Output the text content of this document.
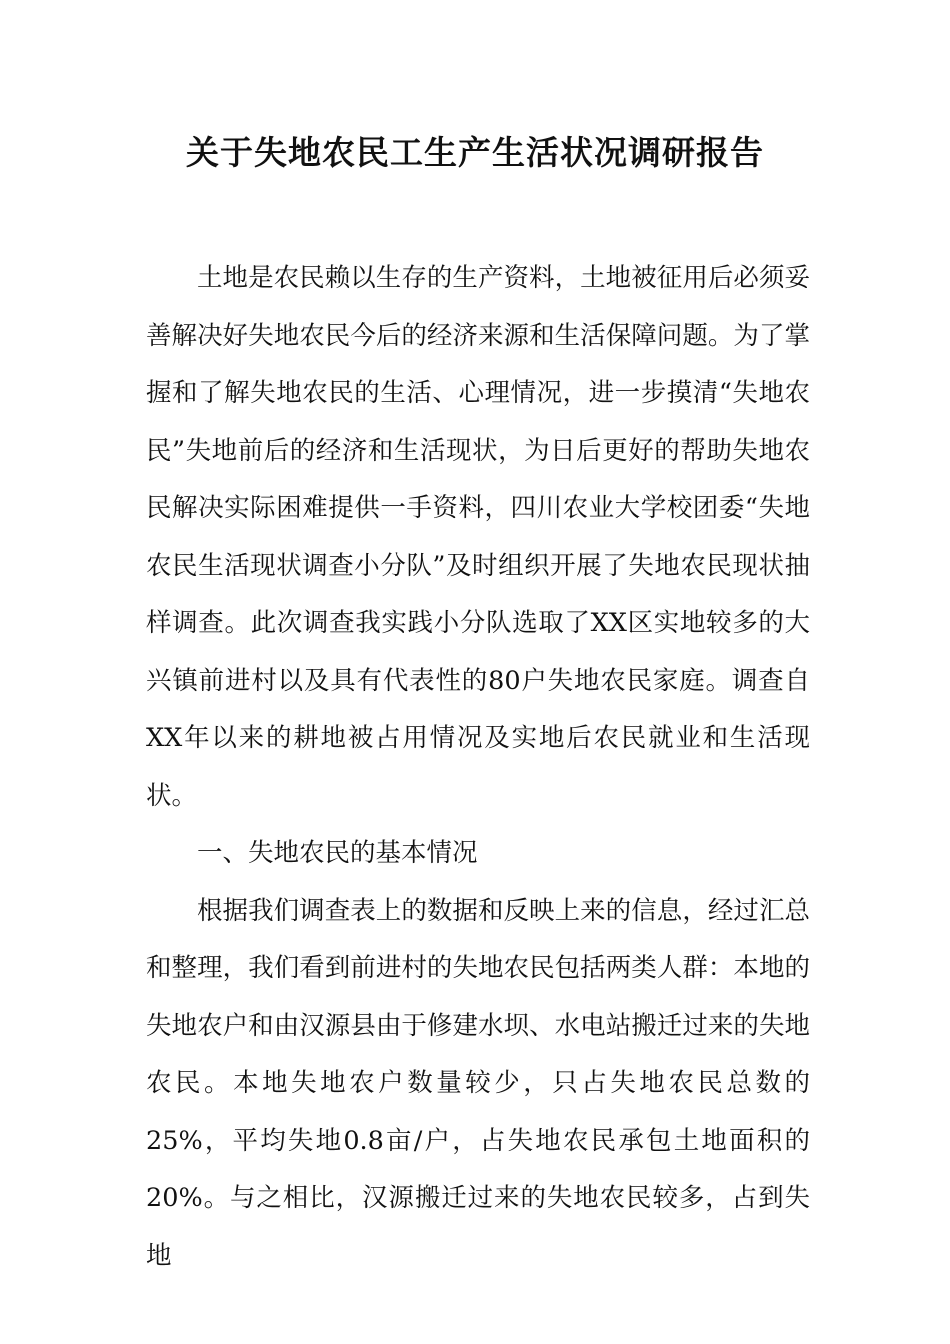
关于失地农民工生产生活状况调研报告

土地是农民赖以生存的生产资料，土地被征用后必须妥善解决好失地农民今后的经济来源和生活保障问题。为了掌握和了解失地农民的生活、心理情况，进一步摸清“失地农民”失地前后的经济和生活现状，为日后更好的帮助失地农民解决实际困难提供一手资料，四川农业大学校团委“失地农民生活现状调查小分队”及时组织开展了失地农民现状抽样调查。此次调查我实践小分队选取了XX区实地较多的大兴镇前进村以及具有代表性的80户失地农民家庭。调查自XX年以来的耕地被占用情况及实地后农民就业和生活现状。

一、失地农民的基本情况

根据我们调查表上的数据和反映上来的信息，经过汇总和整理，我们看到前进村的失地农民包括两类人群：本地的失地农户和由汉源县由于修建水坝、水电站搬迁过来的失地农民。本地失地农户数量较少，只占失地农民总数的25%，平均失地0.8亩/户，占失地农民承包土地面积的20%。与之相比，汉源搬迁过来的失地农民较多，占到失地
